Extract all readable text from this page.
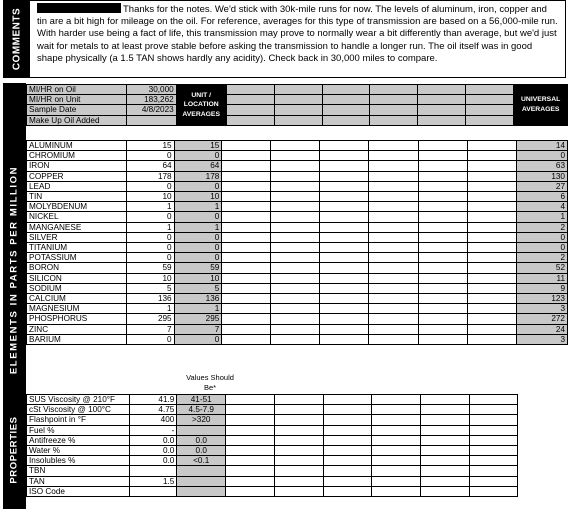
COMMENTS	Thanks for the notes. We'd stick with 30k-mile runs for now. The levels of aluminum, iron, copper and tin are a bit high for mileage on the oil. For reference, averages for this type of transmission are based on a 56,000-mile run. With harder use being a fact of life, this transmission may prove to normally wear a bit differently than average, but we'd just wait for metals to at least prove stable before asking the transmission to handle a longer run. The oil itself was in good shape physically (a 1.5 TAN shows hardly any acidity). Check back in 30,000 miles to compare.
ELEMENTS IN PARTS PER MILLION
PROPERTIES
MI/HR on Oil	30,000	UNIT / LOCATION AVERAGES							UNIVERSAL AVERAGES
MI/HR on Unit	183,262								
Sample Date	4/8/2023								
Make Up Oil Added									

ALUMINUM	15	15							14
CHROMIUM	0	0							0
IRON	64	64							63
COPPER	178	178							130
LEAD	0	0							27
TIN	10	10							6
MOLYBDENUM	1	1							4
NICKEL	0	0							1
MANGANESE	1	1							2
SILVER	0	0							0
TITANIUM	0	0							0
POTASSIUM	0	0							2
BORON	59	59							52
SILICON	10	10							11
SODIUM	5	5							9
CALCIUM	136	136							123
MAGNESIUM	1	1							3
PHOSPHORUS	295	295							272
ZINC	7	7							24
BARIUM	0	0							3
Values Should Be*
SUS Viscosity @ 210°F	41.9	41-51							
cSt Viscosity @ 100°C	4.75	4.5-7.9							
Flashpoint in °F	400	>320							
Fuel %	-								
Antifreeze %	0.0	0.0							
Water %	0.0	0.0							
Insolubles %	0.0	<0.1							
TBN									
TAN	1.5								
ISO Code									
